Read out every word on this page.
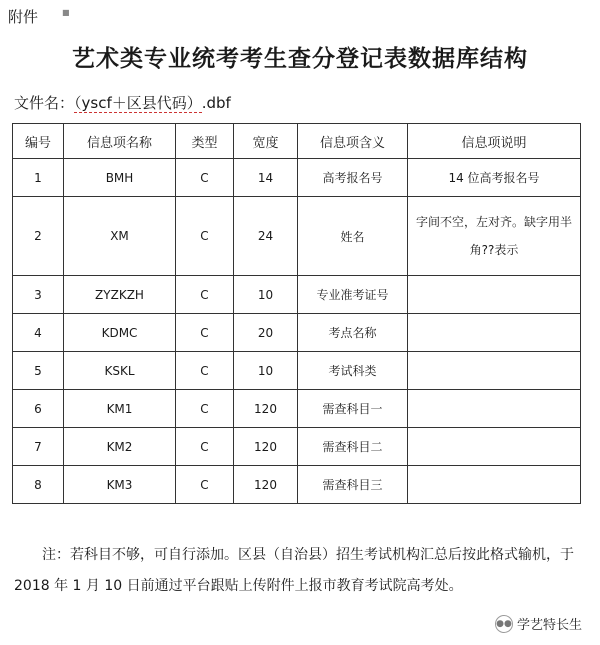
附件	■
艺术类专业统考考生查分登记表数据库结构
文件名：（yscf＋区县代码）.dbf
编号	信息项名称	类型	宽度	信息项含义	信息项说明
1	BMH	C	14	高考报名号	14 位高考报名号
2	XM	C	24	姓名	字间不空，左对齐。缺字用半角??表示
3	ZYZKZH	C	10	专业准考证号	
4	KDMC	C	20	考点名称	
5	KSKL	C	10	考试科类	
6	KM1	C	120	需查科目一	
7	KM2	C	120	需查科目二	
8	KM3	C	120	需查科目三	
注：若科目不够，可自行添加。区县（自治县）招生考试机构汇总后按此格式输机，于 2018 年 1 月 10 日前通过平台跟贴上传附件上报市教育考试院高考处。
●● 学艺特长生
